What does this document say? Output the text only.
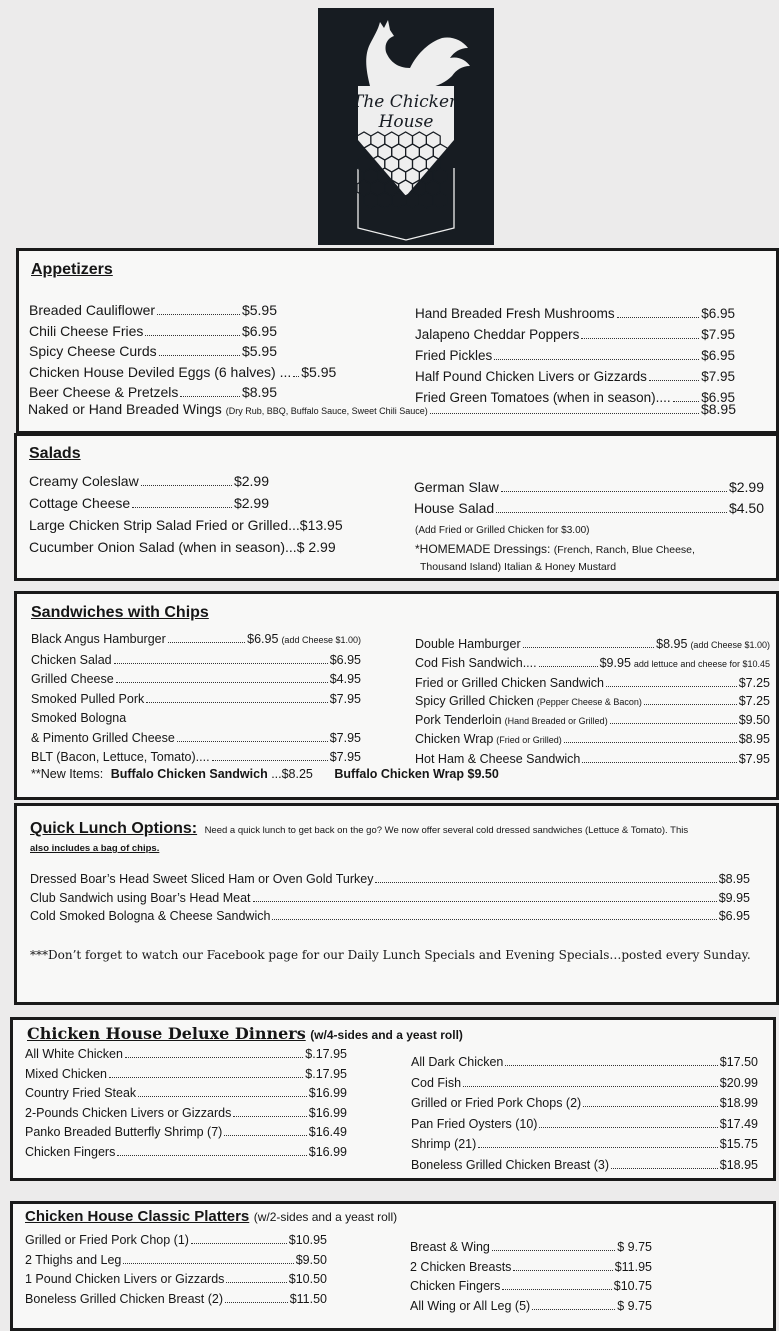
The Chicken
House
Appetizers
Breaded Cauliflower	$5.95
Chili Cheese Fries	$6.95
Spicy Cheese Curds	$5.95
Chicken House Deviled Eggs (6 halves) ... $5.95
Beer Cheese & Pretzels	$8.95
Hand Breaded Fresh Mushrooms	$6.95
Jalapeno Cheddar Poppers	$7.95
Fried Pickles	$6.95
Half Pound Chicken Livers or Gizzards	$7.95
Fried Green Tomatoes (when in season).... $6.95
Naked or Hand Breaded Wings (Dry Rub, BBQ, Buffalo Sauce, Sweet Chili Sauce)	$8.95
Salads
Creamy Coleslaw	$2.99
Cottage Cheese	$2.99
Large Chicken Strip Salad Fried or Grilled...$13.95
Cucumber Onion Salad (when in season)...$ 2.99
German Slaw	$2.99
House Salad	$4.50
(Add Fried or Grilled Chicken for $3.00)
*HOMEMADE Dressings: (French, Ranch, Blue Cheese,
Thousand Island) Italian & Honey Mustard
Sandwiches with Chips
Black Angus Hamburger	$6.95 (add Cheese $1.00)
Chicken Salad	$6.95
Grilled Cheese	$4.95
Smoked Pulled Pork	$7.95
Smoked Bologna
& Pimento Grilled Cheese	$7.95
BLT (Bacon, Lettuce, Tomato)....	$7.95
Double Hamburger	$8.95 (add Cheese $1.00)
Cod Fish Sandwich....	$9.95 add lettuce and cheese for $10.45
Fried or Grilled Chicken Sandwich	$7.25
Spicy Grilled Chicken (Pepper Cheese & Bacon)	$7.25
Pork Tenderloin (Hand Breaded or Grilled)	$9.50
Chicken Wrap (Fried or Grilled)	$8.95
Hot Ham & Cheese Sandwich	$7.95
**New Items: Buffalo Chicken Sandwich ...$8.25 Buffalo Chicken Wrap $9.50
Quick Lunch Options: Need a quick lunch to get back on the go? We now offer several cold dressed sandwiches (Lettuce & Tomato). This
also includes a bag of chips.
Dressed Boar’s Head Sweet Sliced Ham or Oven Gold Turkey	$8.95
Club Sandwich using Boar’s Head Meat	$9.95
Cold Smoked Bologna & Cheese Sandwich	$6.95
***Don’t forget to watch our Facebook page for our Daily Lunch Specials and Evening Specials…posted every Sunday.
Chicken House Deluxe Dinners (w/4-sides and a yeast roll)
All White Chicken	$.17.95
Mixed Chicken	$.17.95
Country Fried Steak	$16.99
2-Pounds Chicken Livers or Gizzards	$16.99
Panko Breaded Butterfly Shrimp (7)	$16.49
Chicken Fingers	$16.99
All Dark Chicken	$17.50
Cod Fish	$20.99
Grilled or Fried Pork Chops (2)	$18.99
Pan Fried Oysters (10)	$17.49
Shrimp (21)	$15.75
Boneless Grilled Chicken Breast (3)	$18.95
Chicken House Classic Platters (w/2-sides and a yeast roll)
Grilled or Fried Pork Chop (1)	$10.95
2 Thighs and Leg	$9.50
1 Pound Chicken Livers or Gizzards	$10.50
Boneless Grilled Chicken Breast (2)	$11.50
Breast & Wing	$ 9.75
2 Chicken Breasts	$11.95
Chicken Fingers	$10.75
All Wing or All Leg (5)	$ 9.75
